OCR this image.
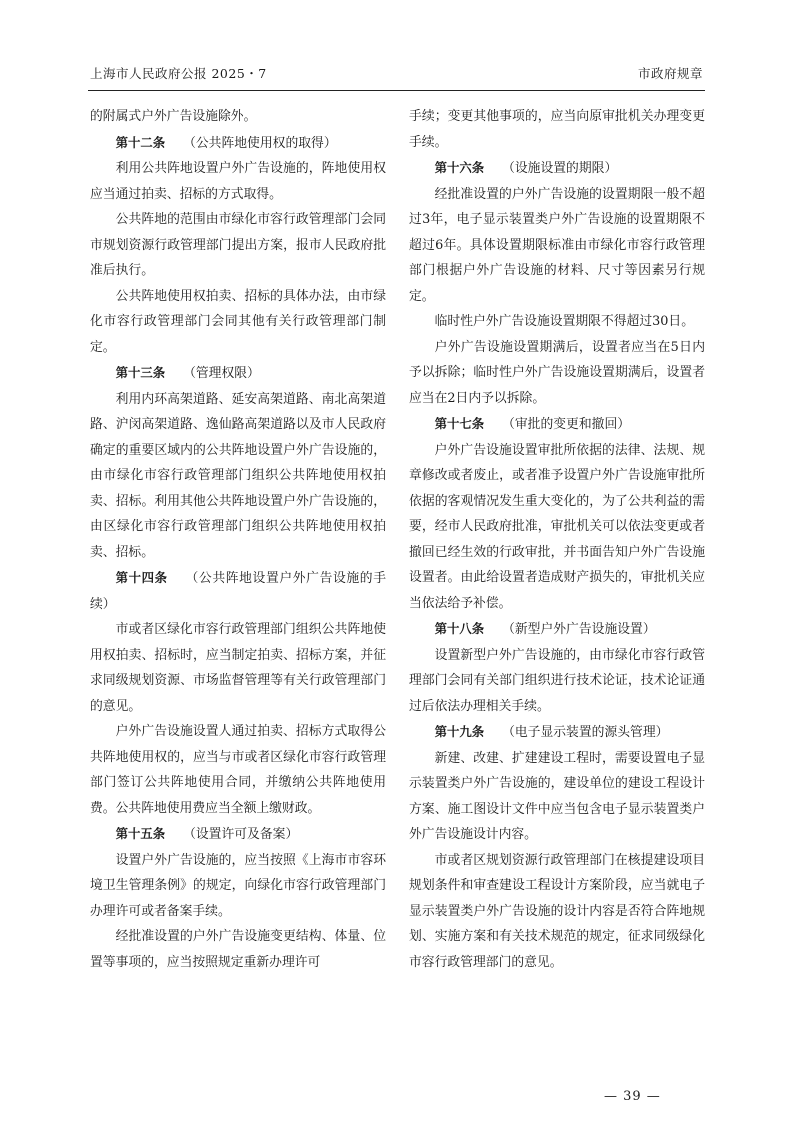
上海市人民政府公报 2025・7	市政府规章

的附属式户外广告设施除外。

第十二条 （公共阵地使用权的取得）

利用公共阵地设置户外广告设施的，阵地使用权应当通过拍卖、招标的方式取得。

公共阵地的范围由市绿化市容行政管理部门会同市规划资源行政管理部门提出方案，报市人民政府批准后执行。

公共阵地使用权拍卖、招标的具体办法，由市绿化市容行政管理部门会同其他有关行政管理部门制定。

第十三条 （管理权限）

利用内环高架道路、延安高架道路、南北高架道路、沪闵高架道路、逸仙路高架道路以及市人民政府确定的重要区域内的公共阵地设置户外广告设施的，由市绿化市容行政管理部门组织公共阵地使用权拍卖、招标。利用其他公共阵地设置户外广告设施的，由区绿化市容行政管理部门组织公共阵地使用权拍卖、招标。

第十四条 （公共阵地设置户外广告设施的手续）

市或者区绿化市容行政管理部门组织公共阵地使用权拍卖、招标时，应当制定拍卖、招标方案，并征求同级规划资源、市场监督管理等有关行政管理部门的意见。

户外广告设施设置人通过拍卖、招标方式取得公共阵地使用权的，应当与市或者区绿化市容行政管理部门签订公共阵地使用合同，并缴纳公共阵地使用费。公共阵地使用费应当全额上缴财政。

第十五条 （设置许可及备案）

设置户外广告设施的，应当按照《上海市市容环境卫生管理条例》的规定，向绿化市容行政管理部门办理许可或者备案手续。

经批准设置的户外广告设施变更结构、体量、位置等事项的，应当按照规定重新办理许可

手续；变更其他事项的，应当向原审批机关办理变更手续。

第十六条 （设施设置的期限）

经批准设置的户外广告设施的设置期限一般不超过3年，电子显示装置类户外广告设施的设置期限不超过6年。具体设置期限标准由市绿化市容行政管理部门根据户外广告设施的材料、尺寸等因素另行规定。

临时性户外广告设施设置期限不得超过30日。

户外广告设施设置期满后，设置者应当在5日内予以拆除；临时性户外广告设施设置期满后，设置者应当在2日内予以拆除。

第十七条 （审批的变更和撤回）

户外广告设施设置审批所依据的法律、法规、规章修改或者废止，或者准予设置户外广告设施审批所依据的客观情况发生重大变化的，为了公共利益的需要，经市人民政府批准，审批机关可以依法变更或者撤回已经生效的行政审批，并书面告知户外广告设施设置者。由此给设置者造成财产损失的，审批机关应当依法给予补偿。

第十八条 （新型户外广告设施设置）

设置新型户外广告设施的，由市绿化市容行政管理部门会同有关部门组织进行技术论证，技术论证通过后依法办理相关手续。

第十九条 （电子显示装置的源头管理）

新建、改建、扩建建设工程时，需要设置电子显示装置类户外广告设施的，建设单位的建设工程设计方案、施工图设计文件中应当包含电子显示装置类户外广告设施设计内容。

市或者区规划资源行政管理部门在核提建设项目规划条件和审查建设工程设计方案阶段，应当就电子显示装置类户外广告设施的设计内容是否符合阵地规划、实施方案和有关技术规范的规定，征求同级绿化市容行政管理部门的意见。

— 39 —
